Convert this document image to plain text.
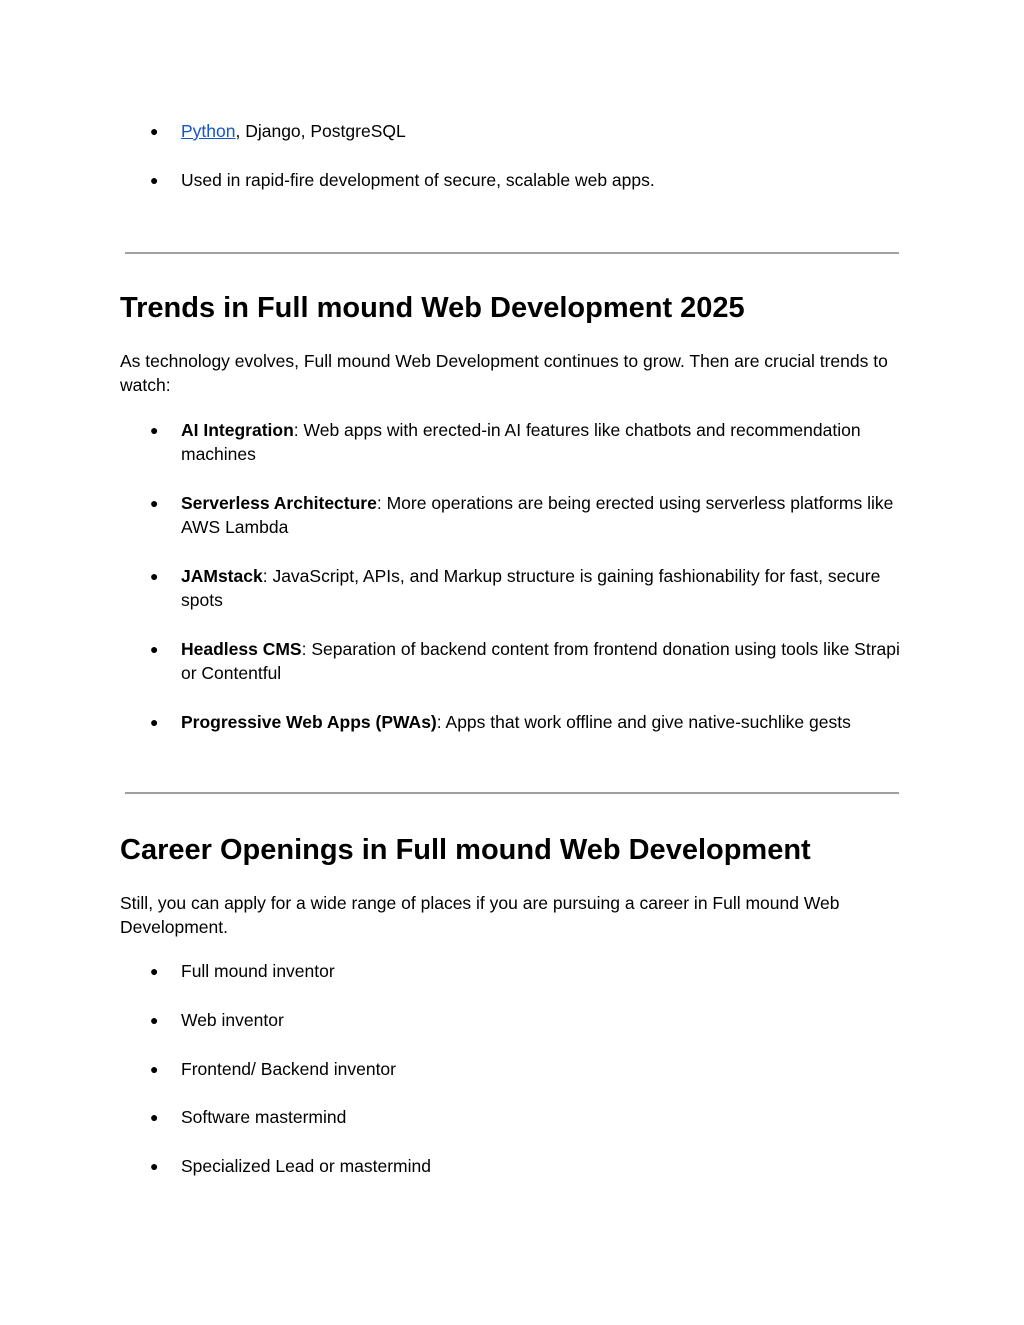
●	Python, Django, PostgreSQL
●	Used in rapid-fire development of secure, scalable web apps.
Trends in Full mound Web Development 2025

As technology evolves, Full mound Web Development continues to grow. Then are crucial trends to watch:

●	AI Integration: Web apps with erected-in AI features like chatbots and recommendation machines
●	Serverless Architecture: More operations are being erected using serverless platforms like AWS Lambda
●	JAMstack: JavaScript, APIs, and Markup structure is gaining fashionability for fast, secure spots
●	Headless CMS: Separation of backend content from frontend donation using tools like Strapi or Contentful
●	Progressive Web Apps (PWAs): Apps that work offline and give native-suchlike gests
Career Openings in Full mound Web Development

Still, you can apply for a wide range of places if you are pursuing a career in Full mound Web Development.

●	Full mound inventor
●	Web inventor
●	Frontend/ Backend inventor
●	Software mastermind
●	Specialized Lead or mastermind
